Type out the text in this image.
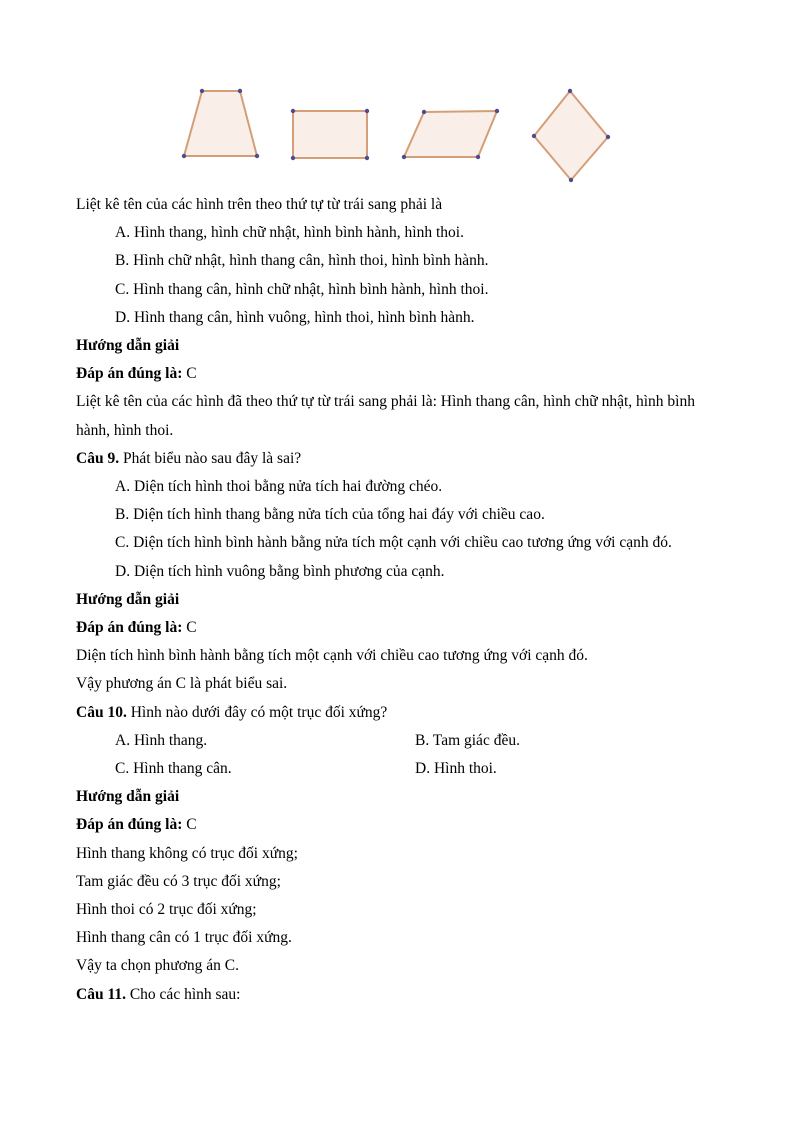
Liệt kê tên của các hình trên theo thứ tự từ trái sang phải là
A. Hình thang, hình chữ nhật, hình bình hành, hình thoi.
B. Hình chữ nhật, hình thang cân, hình thoi, hình bình hành.
C. Hình thang cân, hình chữ nhật, hình bình hành, hình thoi.
D. Hình thang cân, hình vuông, hình thoi, hình bình hành.
Hướng dẫn giải
Đáp án đúng là: C
Liệt kê tên của các hình đã theo thứ tự từ trái sang phải là: Hình thang cân, hình chữ nhật, hình bình
hành, hình thoi.
Câu 9. Phát biểu nào sau đây là sai?
A. Diện tích hình thoi bằng nửa tích hai đường chéo.
B. Diện tích hình thang bằng nửa tích của tổng hai đáy với chiều cao.
C. Diện tích hình bình hành bằng nửa tích một cạnh với chiều cao tương ứng với cạnh đó.
D. Diện tích hình vuông bằng bình phương của cạnh.
Hướng dẫn giải
Đáp án đúng là: C
Diện tích hình bình hành bằng tích một cạnh với chiều cao tương ứng với cạnh đó.
Vậy phương án C là phát biểu sai.
Câu 10. Hình nào dưới đây có một trục đối xứng?
A. Hình thang.	B. Tam giác đều.
C. Hình thang cân.	D. Hình thoi.
Hướng dẫn giải
Đáp án đúng là: C
Hình thang không có trục đối xứng;
Tam giác đều có 3 trục đối xứng;
Hình thoi có 2 trục đối xứng;
Hình thang cân có 1 trục đối xứng.
Vậy ta chọn phương án C.
Câu 11. Cho các hình sau:
